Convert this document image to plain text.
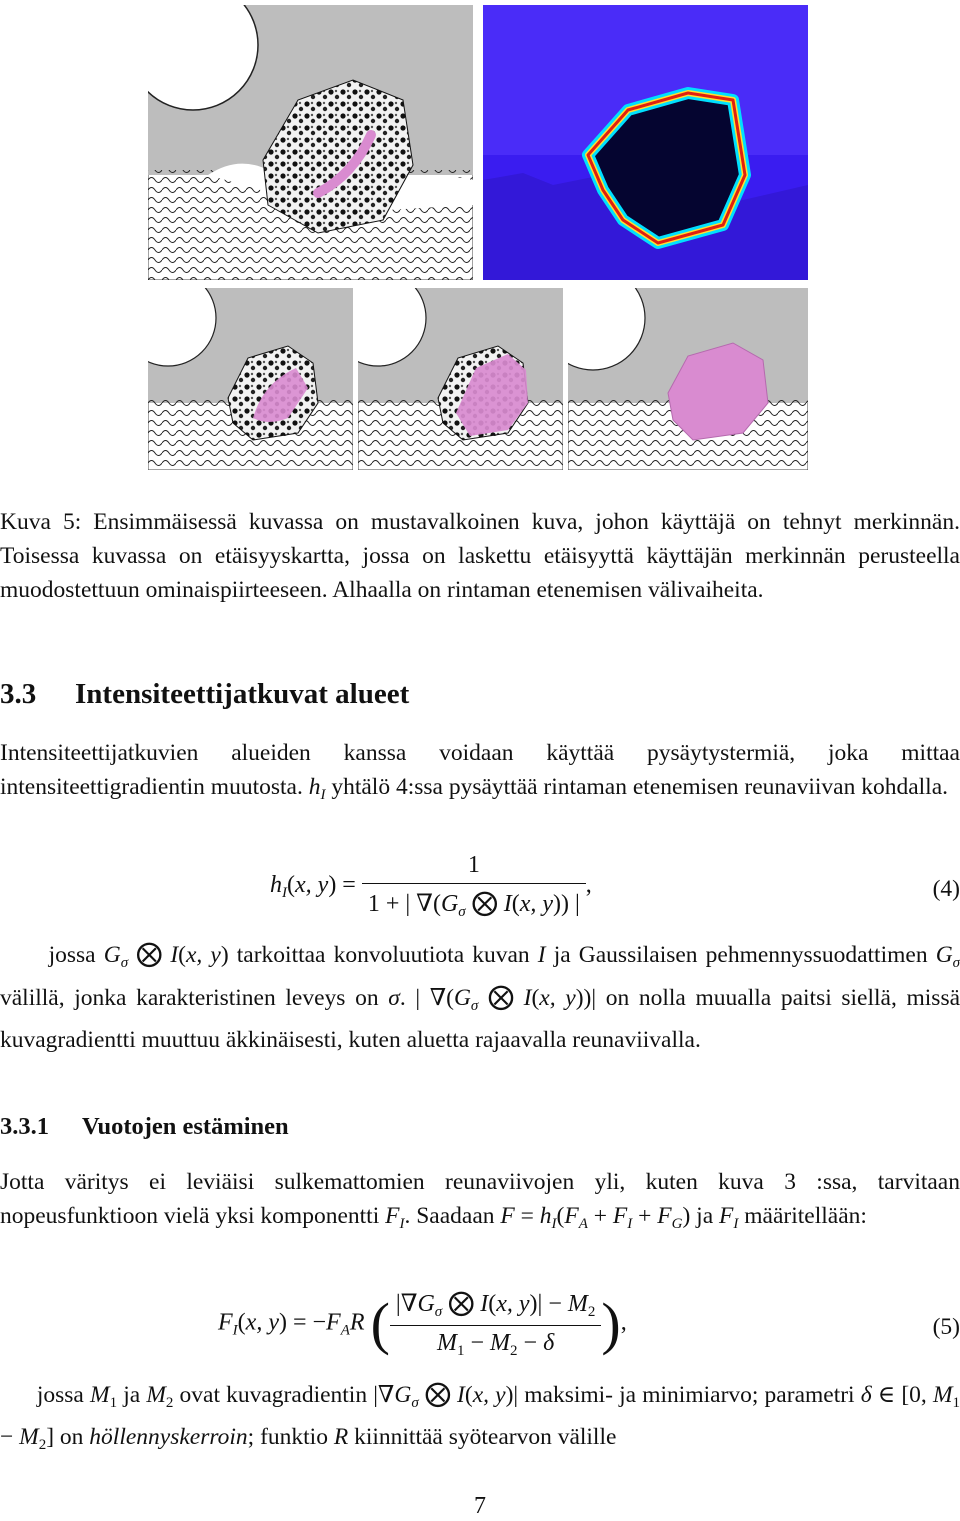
Kuva 5: Ensimmäisessä kuvassa on mustavalkoinen kuva, johon käyttäjä on tehnyt merkinnän. Toisessa kuvassa on etäisyyskartta, jossa on laskettu etäisyyttä käyttäjän merkinnän perusteella muodostettuun ominaispiirteeseen. Alhaalla on rintaman etenemisen välivaiheita.

3.3 Intensiteettijatkuvat alueet

Intensiteettijatkuvien alueiden kanssa voidaan käyttää pysäytystermiä, joka mittaa intensiteettigradientin muutosta. $h_I$ yhtälö 4:ssa pysäyttää rintaman etenemisen reunaviivan kohdalla.

$h_I(x$, $y) = \frac{1}{1 + | \nabla(G_\sigma ⨂ I(x, y)) |}$ ,	(4)

jossa $G_\sigma$ ⨂ I(x, y) tarkoittaa konvoluutiota kuvan I ja Gaussilaisen pehmennyssuodattimen $G_\sigma$ välillä, jonka karakteristinen leveys on σ. | $\nabla(G_\sigma$ ⨂ I(x, y))| on nolla muualla paitsi siellä, missä kuvagradientti muuttuu äkkinäisesti, kuten aluetta rajaavalla reunaviivalla.

3.3.1 Vuotojen estäminen

Jotta väritys ei leviäisi sulkemattomien reunaviivojen yli, kuten kuva 3 :ssa, tarvitaan nopeusfunktioon vielä yksi komponentti $F_I$. Saadaan $F = h_I(F_A + F_I + F_G)$ ja $F_I$ määritellään:

$F_I(x$, $y) = -F_AR$ ( $\frac{|\nabla G_\sigma ⨂ I(x, y)| - M_2}{M_1 - M_2 - \delta}$ ),	(5)

jossa $M_1$ ja $M_2$ ovat kuvagradientin $|\nabla G_\sigma$ ⨂ I(x, y)| maksimi- ja minimiarvo; parametri δ ∈ [0, $M_1 - M_2$] on höllennyskerroin; funktio R kiinnittää syötearvon välille

7
